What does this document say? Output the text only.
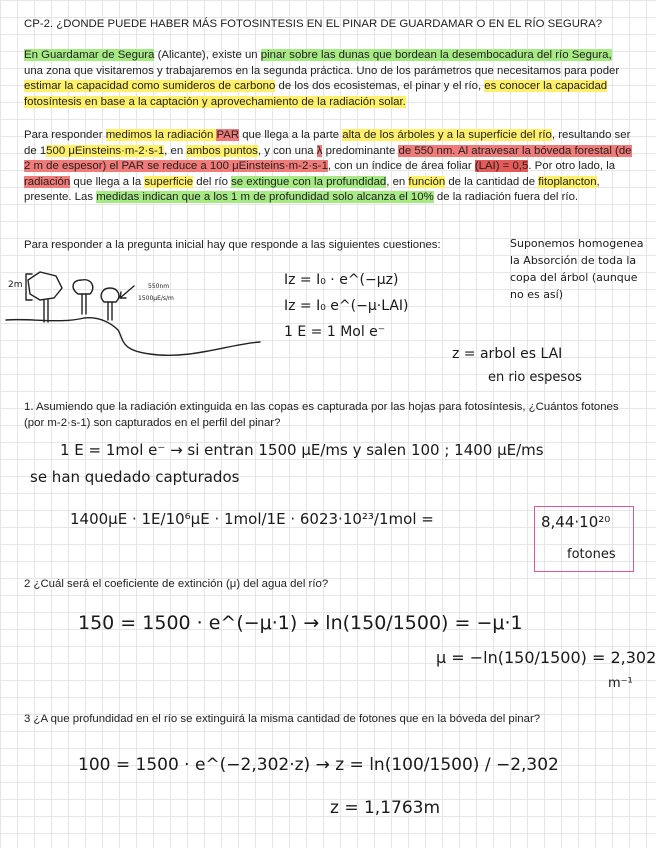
CP-2. ¿DONDE PUEDE HABER MÁS FOTOSINTESIS EN EL PINAR DE GUARDAMAR O EN EL RÍO SEGURA?

En Guardamar de Segura (Alicante), existe un pinar sobre las dunas que bordean la desembocadura del río Segura, una zona que visitaremos y trabajaremos en la segunda práctica. Uno de los parámetros que necesitamos para poder estimar la capacidad como sumideros de carbono de los dos ecosistemas, el pinar y el río, es conocer la capacidad fotosíntesis en base a la captación y aprovechamiento de la radiación solar.

Para responder medimos la radiación PAR que llega a la parte alta de los árboles y a la superficie del río, resultando ser de 1500 μEinsteins·m-2·s-1, en ambos puntos, y con una λ predominante de 550 nm. Al atravesar la bóveda forestal (de 2 m de espesor) el PAR se reduce a 100 μEinsteins·m-2·s-1, con un índice de área foliar (LAI) = 0,5. Por otro lado, la radiación que llega a la superficie del río se extingue con la profundidad, en función de la cantidad de fitoplancton, presente. Las medidas indican que a los 1 m de profundidad solo alcanza el 10% de la radiación fuera del río.

Para responder a la pregunta inicial hay que responde a las siguientes cuestiones:

2m	550nm
1500μE/s/m
Iz = I₀ · e^(−μz)
Iz = I₀ e^(−μ·LAI)
1 E = 1 Mol e⁻
Suponemos homogenea la Absorción de toda la copa del árbol (aunque no es así)
z = arbol es LAI
en rio espesos

1. Asumiendo que la radiación extinguida en las copas es capturada por las hojas para fotosíntesis, ¿Cuántos fotones (por m-2·s-1) son capturados en el perfil del pinar?

1 E = 1mol e⁻ → si entran 1500 μE/ms y salen 100 ; 1400 μE/ms
se han quedado capturados
1400μE · 1E/10⁶μE · 1mol/1E · 6023·10²³/1mol =	8,44·10²⁰
fotones

2 ¿Cuál será el coeficiente de extinción (μ) del agua del río?

150 = 1500 · e^(−μ·1) → ln(150/1500) = −μ·1
μ = −ln(150/1500) = 2,302
m⁻¹

3 ¿A que profundidad en el río se extinguirá la misma cantidad de fotones que en la bóveda del pinar?

100 = 1500 · e^(−2,302·z) → z = ln(100/1500) / −2,302
z = 1,1763m
